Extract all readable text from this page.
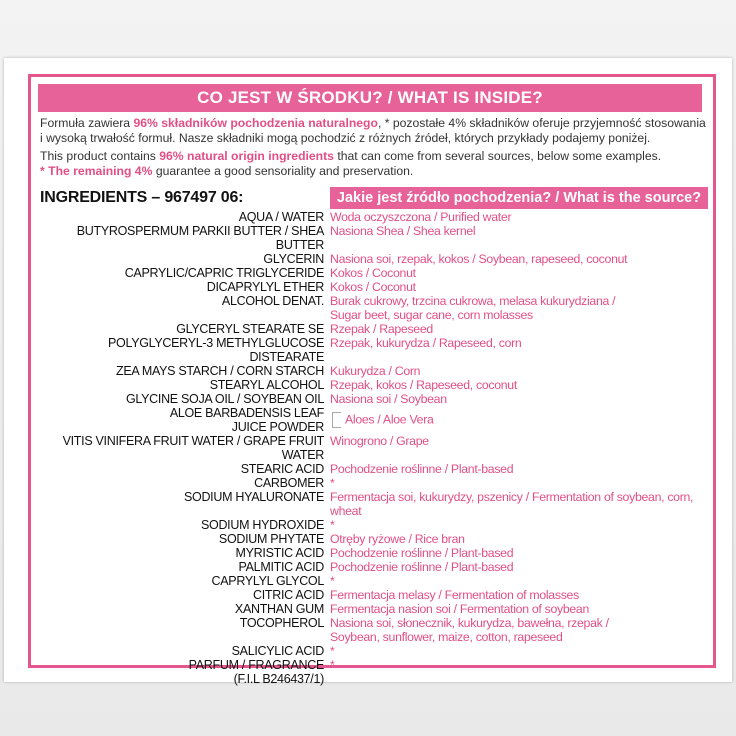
CO JEST W ŚRODKU? / WHAT IS INSIDE?

Formuła zawiera 96% składników pochodzenia naturalnego, * pozostałe 4% składników oferuje przyjemność stosowania i wysoką trwałość formuł. Nasze składniki mogą pochodzić z różnych źródeł, których przykłady podajemy poniżej.

This product contains 96% natural origin ingredients that can come from several sources, below some examples.
* The remaining 4% guarantee a good sensoriality and preservation.

INGREDIENTS – 967497 06:	Jakie jest źródło pochodzenia? / What is the source?
AQUA / WATER Woda oczyszczona / Purified water
BUTYROSPERMUM PARKII BUTTER / SHEA BUTTER
Nasiona Shea / Shea kernel
GLYCERIN Nasiona soi, rzepak, kokos / Soybean, rapeseed, coconut
CAPRYLIC/CAPRIC TRIGLYCERIDE Kokos / Coconut
DICAPRYLYL ETHER Kokos / Coconut
ALCOHOL DENAT. Burak cukrowy, trzcina cukrowa, melasa kukurydziana /
Sugar beet, sugar cane, corn molasses
GLYCERYL STEARATE SE Rzepak / Rapeseed
POLYGLYCERYL-3 METHYLGLUCOSE DISTEARATE
Rzepak, kukurydza / Rapeseed, corn
ZEA MAYS STARCH / CORN STARCH Kukurydza / Corn
STEARYL ALCOHOL Rzepak, kokos / Rapeseed, coconut
GLYCINE SOJA OIL / SOYBEAN OIL Nasiona soi / Soybean
ALOE BARBADENSIS LEAF
JUICE POWDER
Aloes / Aloe Vera
VITIS VINIFERA FRUIT WATER / GRAPE FRUIT WATER
Winogrono / Grape
STEARIC ACID Pochodzenie roślinne / Plant-based
CARBOMER *
SODIUM HYALURONATE Fermentacja soi, kukurydzy, pszenicy / Fermentation of soybean, corn, wheat
SODIUM HYDROXIDE *
SODIUM PHYTATE Otręby ryżowe / Rice bran
MYRISTIC ACID Pochodzenie roślinne / Plant-based
PALMITIC ACID Pochodzenie roślinne / Plant-based
CAPRYLYL GLYCOL *
CITRIC ACID Fermentacja melasy / Fermentation of molasses
XANTHAN GUM Fermentacja nasion soi / Fermentation of soybean
TOCOPHEROL Nasiona soi, słonecznik, kukurydza, bawełna, rzepak /
Soybean, sunflower, maize, cotton, rapeseed
SALICYLIC ACID *
PARFUM / FRAGRANCE
(F.I.L B246437/1)
*
